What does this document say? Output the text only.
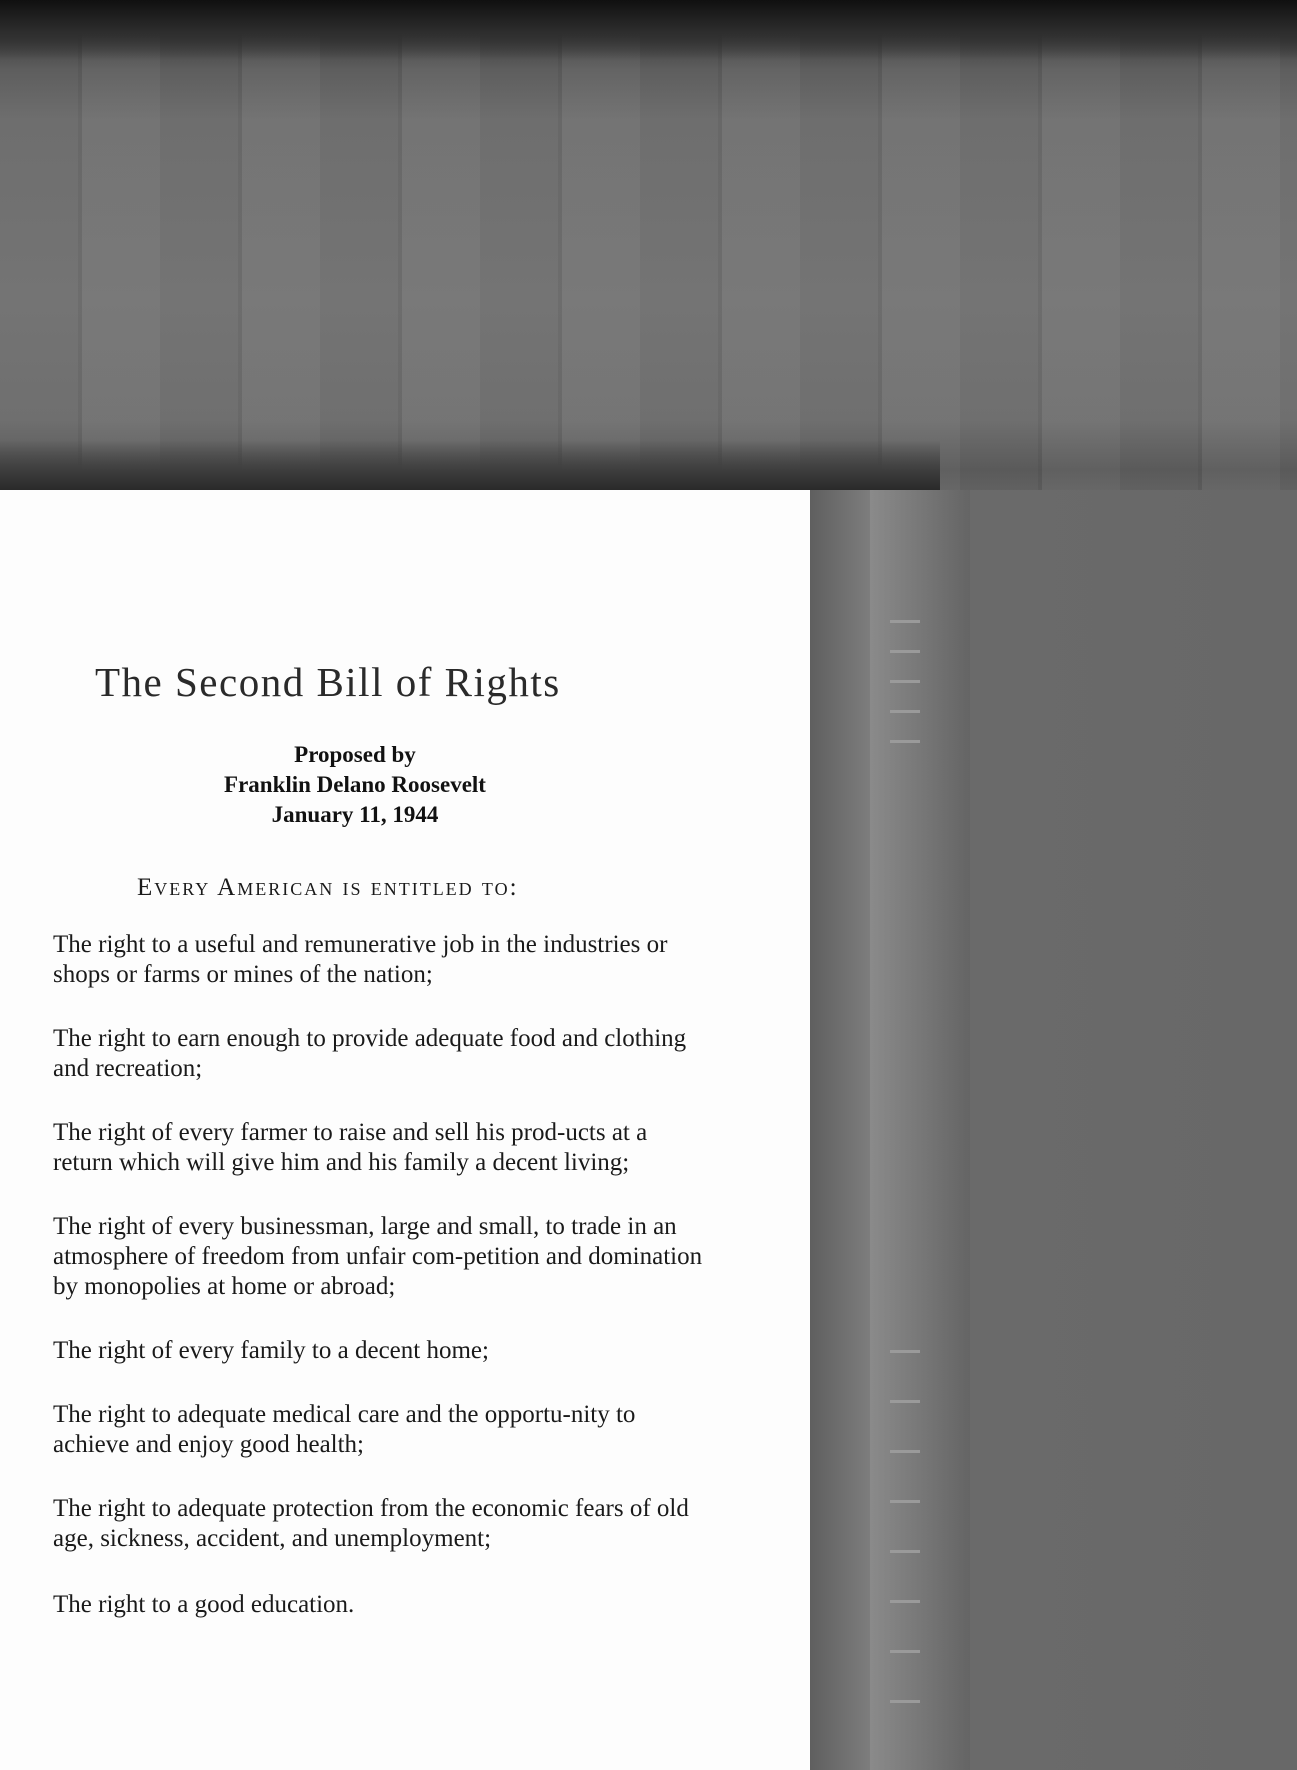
The Second Bill of Rights
Proposed by
Franklin Delano Roosevelt
January 11, 1944
Every American is entitled to:
The right to a useful and remunerative job in the industries or shops or farms or mines of the nation;
The right to earn enough to provide adequate food and clothing and recreation;
The right of every farmer to raise and sell his prod-ucts at a return which will give him and his family a decent living;
The right of every businessman, large and small, to trade in an atmosphere of freedom from unfair com-petition and domination by monopolies at home or abroad;
The right of every family to a decent home;
The right to adequate medical care and the opportu-nity to achieve and enjoy good health;
The right to adequate protection from the economic fears of old age, sickness, accident, and unemployment;
The right to a good education.
